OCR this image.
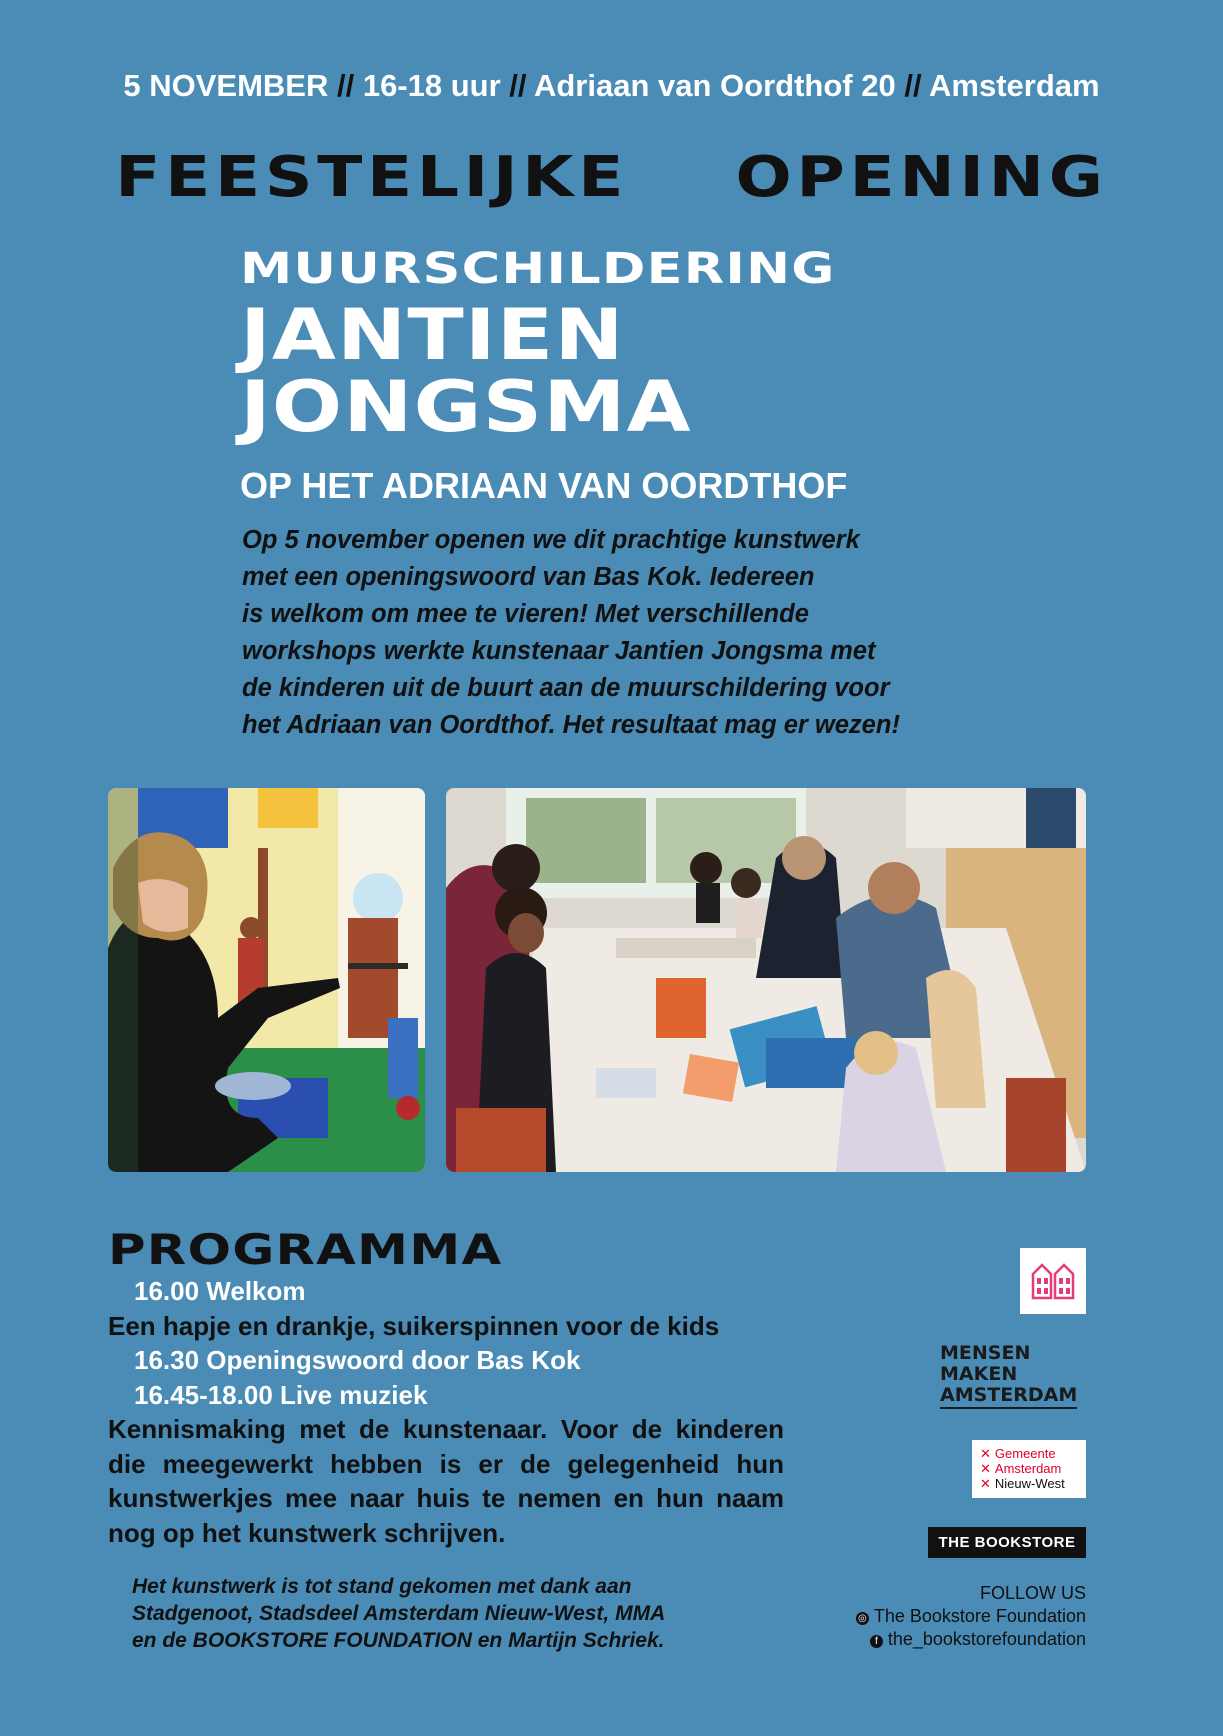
5 NOVEMBER // 16-18 uur // Adriaan van Oordthof 20 // Amsterdam
FEESTELIJKE  OPENING
MUURSCHILDERING
JANTIEN
JONGSMA
OP HET ADRIAAN VAN OORDTHOF
Op 5 november openen we dit prachtige kunstwerk
met een openingswoord van Bas Kok. Iedereen
is welkom om mee te vieren! Met verschillende
workshops werkte kunstenaar Jantien Jongsma met
de kinderen uit de buurt aan de muurschildering voor
het Adriaan van Oordthof. Het resultaat mag er wezen!
PROGRAMMA
16.00 Welkom
Een hapje en drankje, suikerspinnen voor de kids
16.30 Openingswoord door Bas Kok
16.45-18.00 Live muziek
Kennismaking met de kunstenaar. Voor de kinderen die meegewerkt hebben is er de gelegenheid hun kunstwerkjes mee naar huis te nemen en hun naam nog op het kunstwerk schrijven.
Het kunstwerk is tot stand gekomen met dank aan
Stadgenoot, Stadsdeel Amsterdam Nieuw-West, MMA
en de BOOKSTORE FOUNDATION en Martijn Schriek.
MENSEN
MAKEN
AMSTERDAM
✕ Gemeente
✕ Amsterdam
✕ Nieuw-West
THE BOOKSTORE
FOLLOW US
◎ The Bookstore Foundation
f the_bookstorefoundation
